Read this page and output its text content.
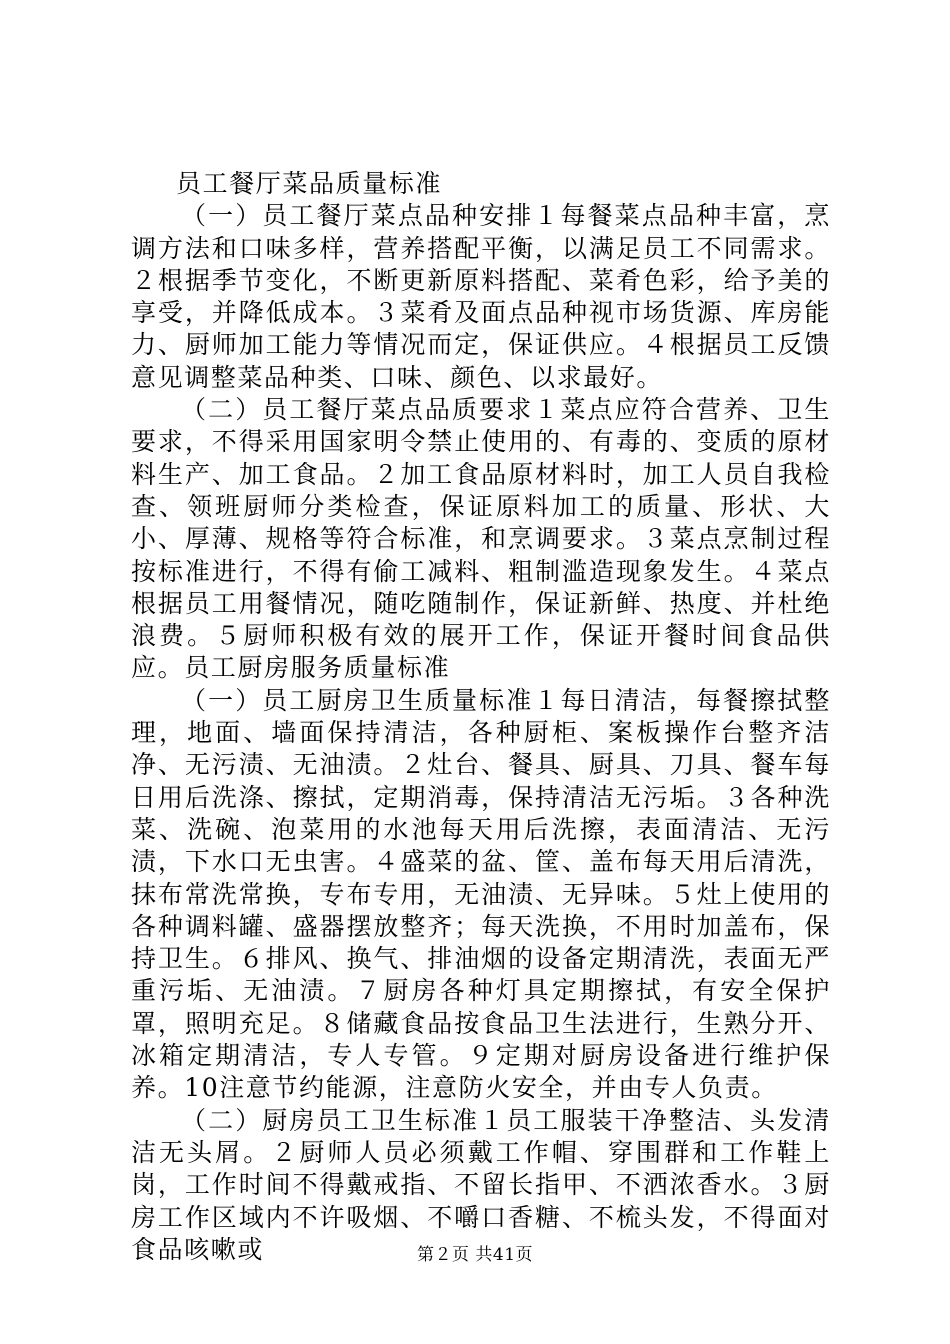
员工餐厅菜品质量标准

（一）员工餐厅菜点品种安排１每餐菜点品种丰富，烹调方法和口味多样，营养搭配平衡，以满足员工不同需求。２根据季节变化，不断更新原料搭配、菜肴色彩，给予美的享受，并降低成本。３菜肴及面点品种视市场货源、库房能力、厨师加工能力等情况而定，保证供应。４根据员工反馈意见调整菜品种类、口味、颜色、以求最好。

（二）员工餐厅菜点品质要求１菜点应符合营养、卫生要求，不得采用国家明令禁止使用的、有毒的、变质的原材料生产、加工食品。２加工食品原材料时，加工人员自我检查、领班厨师分类检查，保证原料加工的质量、形状、大小、厚薄、规格等符合标准，和烹调要求。３菜点烹制过程按标准进行，不得有偷工减料、粗制滥造现象发生。４菜点根据员工用餐情况，随吃随制作，保证新鲜、热度、并杜绝浪费。５厨师积极有效的展开工作，保证开餐时间食品供应。员工厨房服务质量标准

（一）员工厨房卫生质量标准１每日清洁，每餐擦拭整理，地面、墙面保持清洁，各种厨柜、案板操作台整齐洁净、无污渍、无油渍。２灶台、餐具、厨具、刀具、餐车每日用后洗涤、擦拭，定期消毒，保持清洁无污垢。３各种洗菜、洗碗、泡菜用的水池每天用后洗擦，表面清洁、无污渍，下水口无虫害。４盛菜的盆、筐、盖布每天用后清洗，抹布常洗常换，专布专用，无油渍、无异味。５灶上使用的各种调料罐、盛器摆放整齐；每天洗换，不用时加盖布，保持卫生。６排风、换气、排油烟的设备定期清洗，表面无严重污垢、无油渍。７厨房各种灯具定期擦拭，有安全保护罩，照明充足。８储藏食品按食品卫生法进行，生熟分开、冰箱定期清洁，专人专管。９定期对厨房设备进行维护保养。10注意节约能源，注意防火安全，并由专人负责。

（二）厨房员工卫生标准１员工服装干净整洁、头发清洁无头屑。２厨师人员必须戴工作帽、穿围群和工作鞋上岗，工作时间不得戴戒指、不留长指甲、不洒浓香水。３厨房工作区域内不许吸烟、不嚼口香糖、不梳头发，不得面对食品咳嗽或	第２页 共41页
